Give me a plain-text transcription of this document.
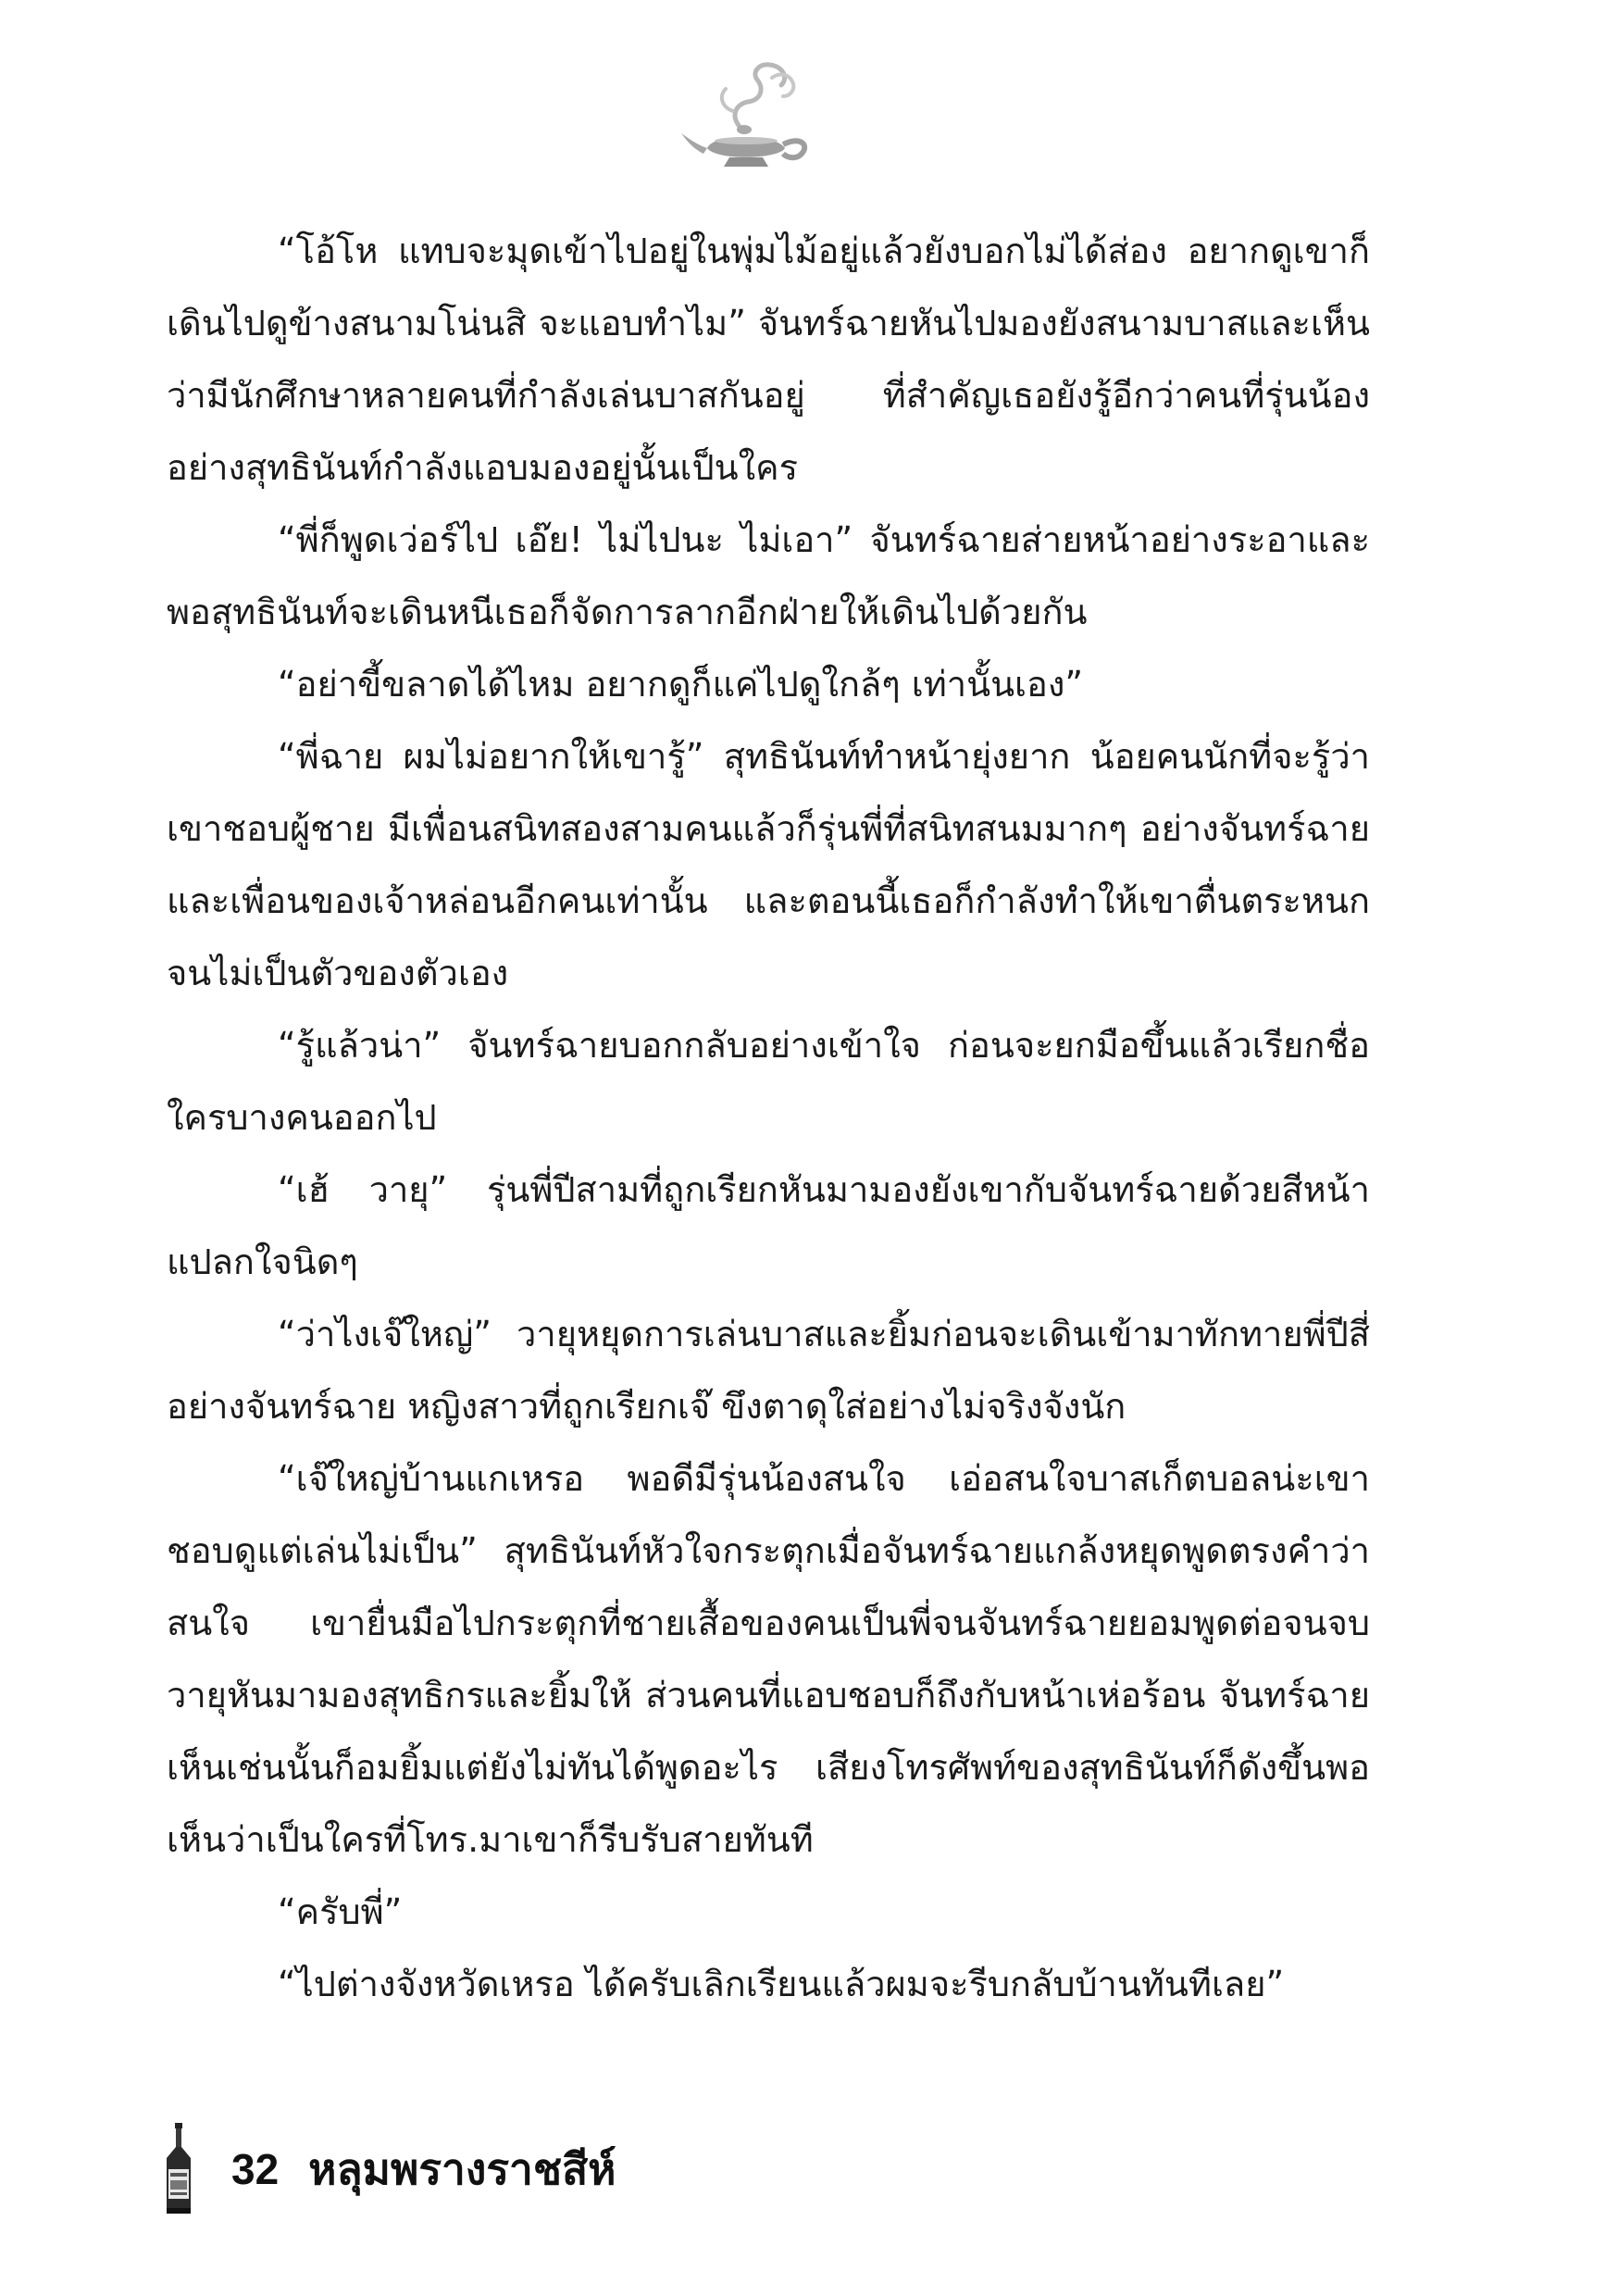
“โอ้โห แทบจะมุดเข้าไปอยู่ในพุ่มไม้อยู่แล้วยังบอกไม่ได้ส่อง อยากดูเขาก็เดินไปดูข้างสนามโน่นสิ จะแอบทำไม” จันทร์ฉายหันไปมองยังสนามบาสและเห็นว่ามีนักศึกษาหลายคนที่กำลังเล่นบาสกันอยู่ ที่สำคัญเธอยังรู้อีกว่าคนที่รุ่นน้องอย่างสุทธินันท์กำลังแอบมองอยู่นั้นเป็นใคร

“พี่ก็พูดเว่อร์ไป เอ๊ย! ไม่ไปนะ ไม่เอา” จันทร์ฉายส่ายหน้าอย่างระอาและพอสุทธินันท์จะเดินหนีเธอก็จัดการลากอีกฝ่ายให้เดินไปด้วยกัน

“อย่าขี้ขลาดได้ไหม อยากดูก็แค่ไปดูใกล้ๆ เท่านั้นเอง”

“พี่ฉาย ผมไม่อยากให้เขารู้” สุทธินันท์ทำหน้ายุ่งยาก น้อยคนนักที่จะรู้ว่าเขาชอบผู้ชาย มีเพื่อนสนิทสองสามคนแล้วก็รุ่นพี่ที่สนิทสนมมากๆ อย่างจันทร์ฉายและเพื่อนของเจ้าหล่อนอีกคนเท่านั้น และตอนนี้เธอก็กำลังทำให้เขาตื่นตระหนกจนไม่เป็นตัวของตัวเอง

“รู้แล้วน่า” จันทร์ฉายบอกกลับอย่างเข้าใจ ก่อนจะยกมือขึ้นแล้วเรียกชื่อใครบางคนออกไป

“เฮ้ วายุ” รุ่นพี่ปีสามที่ถูกเรียกหันมามองยังเขากับจันทร์ฉายด้วยสีหน้าแปลกใจนิดๆ

“ว่าไงเจ๊ใหญ่” วายุหยุดการเล่นบาสและยิ้มก่อนจะเดินเข้ามาทักทายพี่ปีสี่อย่างจันทร์ฉาย หญิงสาวที่ถูกเรียกเจ๊ ขึงตาดุใส่อย่างไม่จริงจังนัก

“เจ๊ใหญ่บ้านแกเหรอ พอดีมีรุ่นน้องสนใจ เอ่อสนใจบาสเก็ตบอลน่ะเขาชอบดูแต่เล่นไม่เป็น” สุทธินันท์หัวใจกระตุกเมื่อจันทร์ฉายแกล้งหยุดพูดตรงคำว่า สนใจ เขายื่นมือไปกระตุกที่ชายเสื้อของคนเป็นพี่จนจันทร์ฉายยอมพูดต่อจนจบ วายุหันมามองสุทธิกรและยิ้มให้ ส่วนคนที่แอบชอบก็ถึงกับหน้าเห่อร้อน จันทร์ฉายเห็นเช่นนั้นก็อมยิ้มแต่ยังไม่ทันได้พูดอะไร เสียงโทรศัพท์ของสุทธินันท์ก็ดังขึ้นพอเห็นว่าเป็นใครที่โทร.มาเขาก็รีบรับสายทันที

“ครับพี่”

“ไปต่างจังหวัดเหรอ ได้ครับเลิกเรียนแล้วผมจะรีบกลับบ้านทันทีเลย”

32 หลุมพรางราชสีห์
